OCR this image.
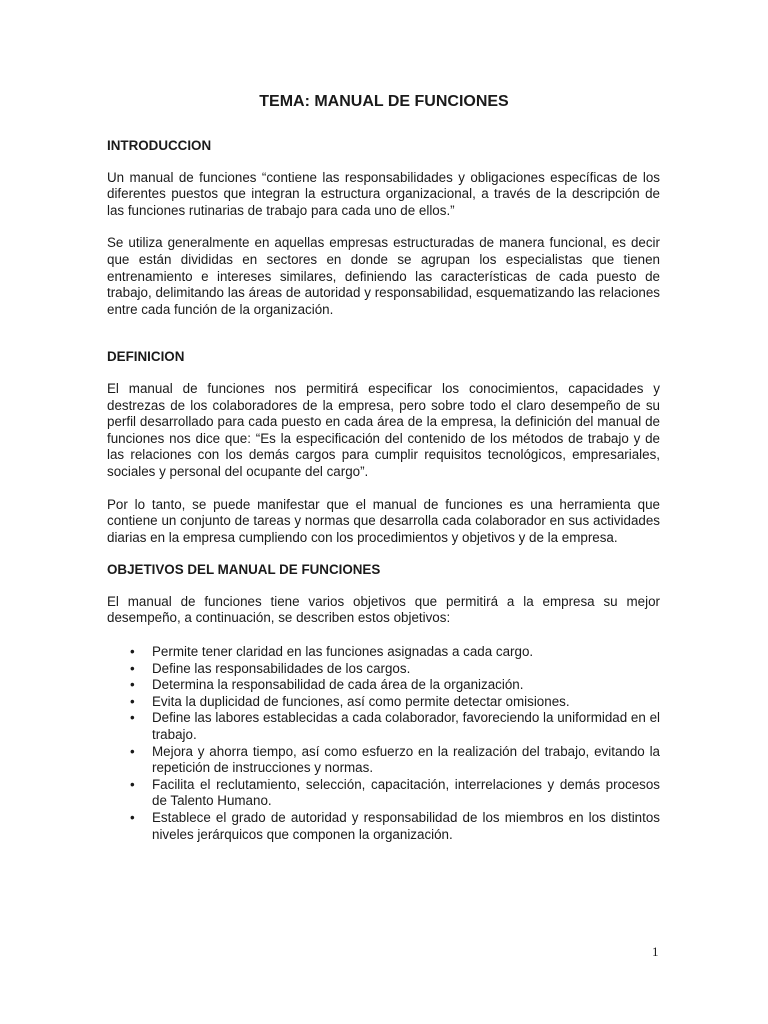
TEMA: MANUAL DE FUNCIONES
INTRODUCCION

Un manual de funciones “contiene las responsabilidades y obligaciones específicas de los diferentes puestos que integran la estructura organizacional, a través de la descripción de las funciones rutinarias de trabajo para cada uno de ellos.”

Se utiliza generalmente en aquellas empresas estructuradas de manera funcional, es decir que están divididas en sectores en donde se agrupan los especialistas que tienen entrenamiento e intereses similares, definiendo las características de cada puesto de trabajo, delimitando las áreas de autoridad y responsabilidad, esquematizando las relaciones entre cada función de la organización.

DEFINICION

El manual de funciones nos permitirá especificar los conocimientos, capacidades y destrezas de los colaboradores de la empresa, pero sobre todo el claro desempeño de su perfil desarrollado para cada puesto en cada área de la empresa, la definición del manual de funciones nos dice que: “Es la especificación del contenido de los métodos de trabajo y de las relaciones con los demás cargos para cumplir requisitos tecnológicos, empresariales, sociales y personal del ocupante del cargo”.

Por lo tanto, se puede manifestar que el manual de funciones es una herramienta que contiene un conjunto de tareas y normas que desarrolla cada colaborador en sus actividades diarias en la empresa cumpliendo con los procedimientos y objetivos y de la empresa.

OBJETIVOS DEL MANUAL DE FUNCIONES

El manual de funciones tiene varios objetivos que permitirá a la empresa su mejor desempeño, a continuación, se describen estos objetivos:

• Permite tener claridad en las funciones asignadas a cada cargo.
• Define las responsabilidades de los cargos.
• Determina la responsabilidad de cada área de la organización.
• Evita la duplicidad de funciones, así como permite detectar omisiones.
• Define las labores establecidas a cada colaborador, favoreciendo la uniformidad en el trabajo.
• Mejora y ahorra tiempo, así como esfuerzo en la realización del trabajo, evitando la repetición de instrucciones y normas.
• Facilita el reclutamiento, selección, capacitación, interrelaciones y demás procesos de Talento Humano.
• Establece el grado de autoridad y responsabilidad de los miembros en los distintos niveles jerárquicos que componen la organización.
1
